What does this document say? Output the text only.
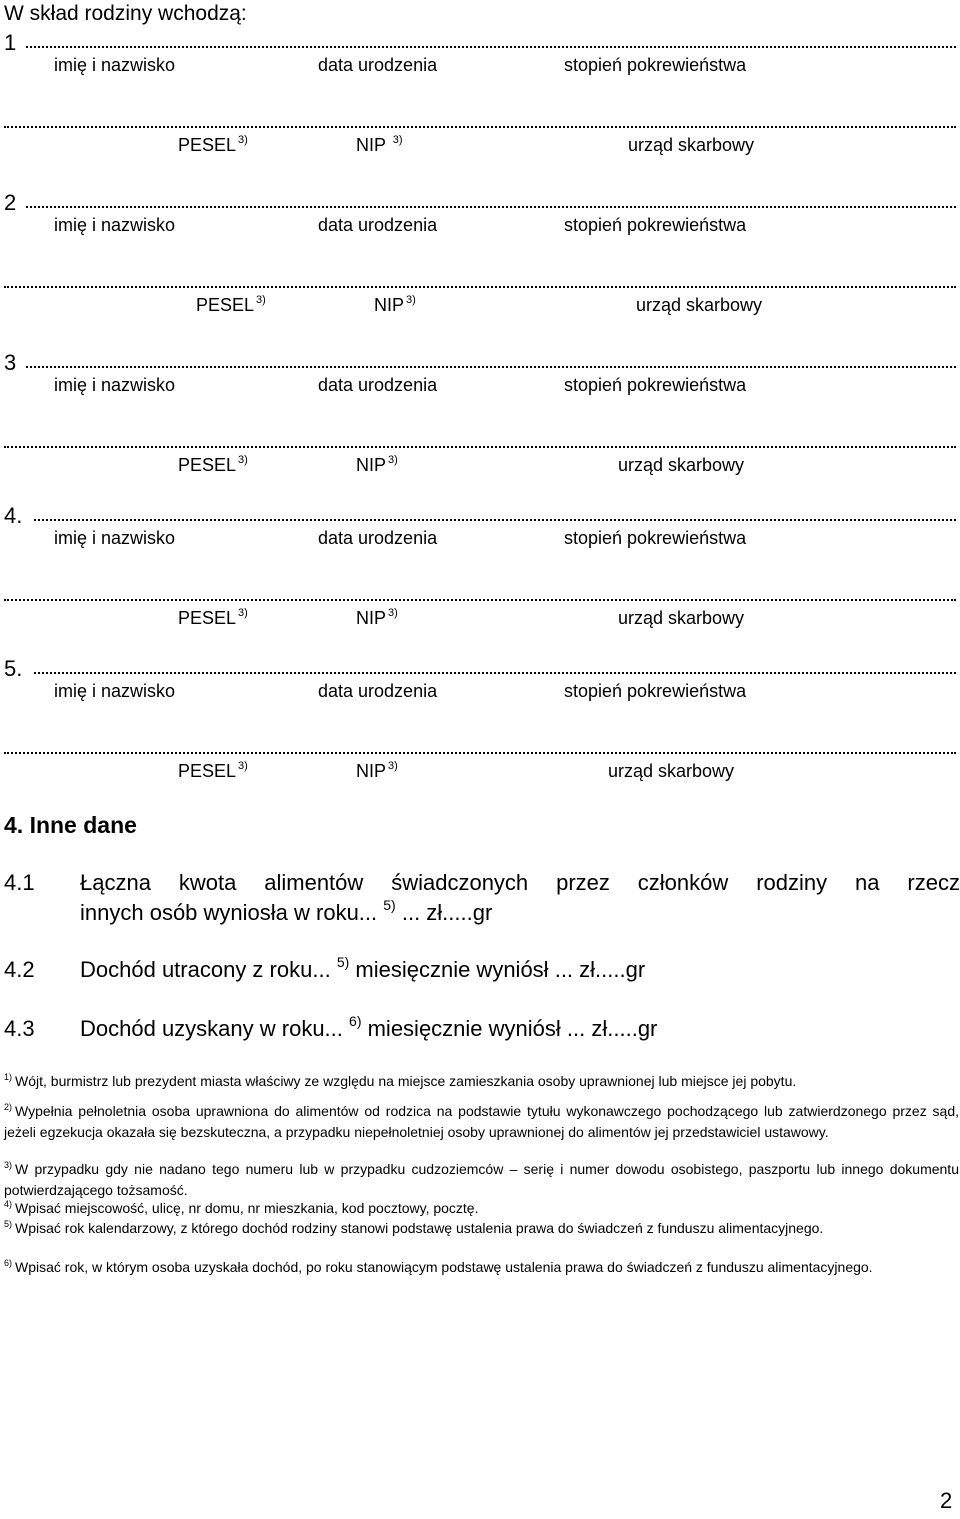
W skład rodziny wchodzą:
1
imię i nazwisko	data urodzenia	stopień pokrewieństwa
PESEL $^{3)}$	NIP $^{3)}$	urząd skarbowy
2
imię i nazwisko	data urodzenia	stopień pokrewieństwa
PESEL $^{3)}$	NIP $^{3)}$	urząd skarbowy
3
imię i nazwisko	data urodzenia	stopień pokrewieństwa
PESEL $^{3)}$	NIP $^{3)}$	urząd skarbowy
4.
imię i nazwisko	data urodzenia	stopień pokrewieństwa
PESEL $^{3)}$	NIP $^{3)}$	urząd skarbowy
5.
imię i nazwisko	data urodzenia	stopień pokrewieństwa
PESEL $^{3)}$	NIP $^{3)}$	urząd skarbowy
4. Inne dane
4.1 Łączna kwota alimentów świadczonych przez członków rodziny na rzecz
innych osób wyniosła w roku... $^{5)}$ ... zł.....gr
4.2 Dochód utracony z roku... $^{5)}$ miesięcznie wyniósł ... zł.....gr
4.3 Dochód uzyskany w roku... $^{6)}$ miesięcznie wyniósł ... zł.....gr
$^{1)}$ Wójt, burmistrz lub prezydent miasta właściwy ze względu na miejsce zamieszkania osoby uprawnionej lub miejsce jej pobytu.
$^{2)}$ Wypełnia pełnoletnia osoba uprawniona do alimentów od rodzica na podstawie tytułu wykonawczego pochodzącego lub zatwierdzonego przez sąd, jeżeli egzekucja okazała się bezskuteczna, a przypadku niepełnoletniej osoby uprawnionej do alimentów jej przedstawiciel ustawowy.
$^{3)}$ W przypadku gdy nie nadano tego numeru lub w przypadku cudzoziemców – serię i numer dowodu osobistego, paszportu lub innego dokumentu potwierdzającego tożsamość.
$^{4)}$ Wpisać miejscowość, ulicę, nr domu, nr mieszkania, kod pocztowy, pocztę.
$^{5)}$ Wpisać rok kalendarzowy, z którego dochód rodziny stanowi podstawę ustalenia prawa do świadczeń z funduszu alimentacyjnego.
$^{6)}$ Wpisać rok, w którym osoba uzyskała dochód, po roku stanowiącym podstawę ustalenia prawa do świadczeń z funduszu alimentacyjnego.
2
